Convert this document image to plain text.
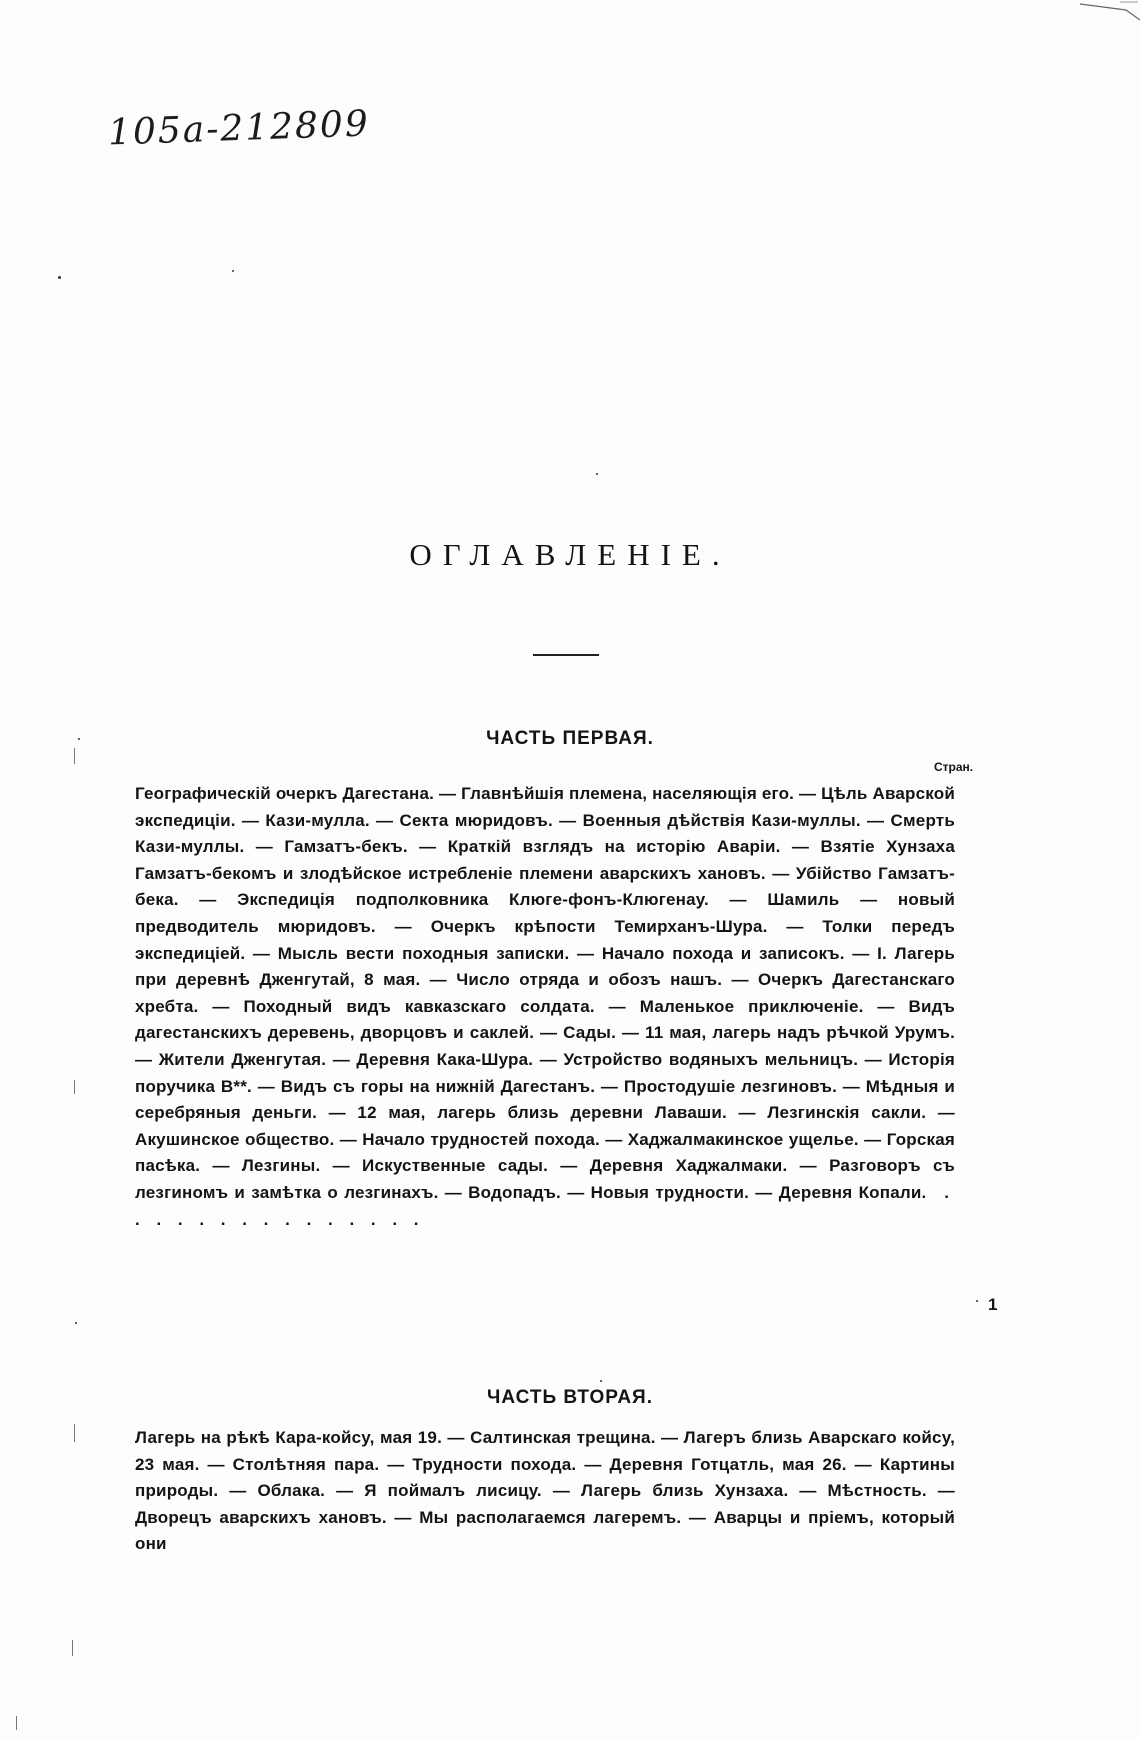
105а-212809
ОГЛАВЛЕНІЕ.
ЧАСТЬ ПЕРВАЯ.
Стран.

Географическій очеркъ Дагестана. — Главнѣйшія племена, населяющія его. — Цѣль Аварской экспедиціи. — Кази-мулла. — Секта мюридовъ. — Военныя дѣйствія Кази-муллы. — Смерть Кази-муллы. — Гамзатъ-бекъ. — Краткій взглядъ на исторію Аваріи. — Взятіе Хунзаха Гамзатъ-бекомъ и злодѣйское истребленіе племени аварскихъ хановъ. — Убійство Гамзатъ-бека. — Экспедиція подполковника Клюге-фонъ-Клюгенау. — Шамиль — новый предводитель мюридовъ. — Очеркъ крѣпости Темирханъ-Шура. — Толки передъ экспедиціей. — Мысль вести походныя записки. — Начало похода и записокъ. — I. Лагерь при деревнѣ Дженгутай, 8 мая. — Число отряда и обозъ нашъ. — Очеркъ Дагестанскаго хребта. — Походный видъ кавказскаго солдата. — Маленькое приключеніе. — Видъ дагестанскихъ деревень, дворцовъ и саклей. — Сады. — 11 мая, лагерь надъ рѣчкой Урумъ. — Жители Дженгутая. — Деревня Кака-Шура. — Устройство водяныхъ мельницъ. — Исторія поручика В**. — Видъ съ горы на нижній Дагестанъ. — Простодушіе лезгиновъ. — Мѣдныя и серебряныя деньги. — 12 мая, лагерь близь деревни Лаваши. — Лезгинскія сакли. — Акушинское общество. — Начало трудностей похода. — Хаджалмакинское ущелье. — Горская пасѣка. — Лезгины. — Искуственные сады. — Деревня Хаджалмаки. — Разговоръ съ лезгиномъ и замѣтка о лезгинахъ. — Водопадъ. — Новыя трудности. — Деревня Копали. . . . . . . . . . . . . . . .

1
ЧАСТЬ ВТОРАЯ.

Лагерь на рѣкѣ Кара-койсу, мая 19. — Салтинская трещина. — Лагеръ близь Аварскаго койсу, 23 мая. — Столѣтняя пара. — Трудности похода. — Деревня Готцатль, мая 26. — Картины природы. — Облака. — Я поймалъ лисицу. — Лагерь близь Хунзаха. — Мѣстность. — Дворецъ аварскихъ хановъ. — Мы располагаемся лагеремъ. — Аварцы и пріемъ, который они
